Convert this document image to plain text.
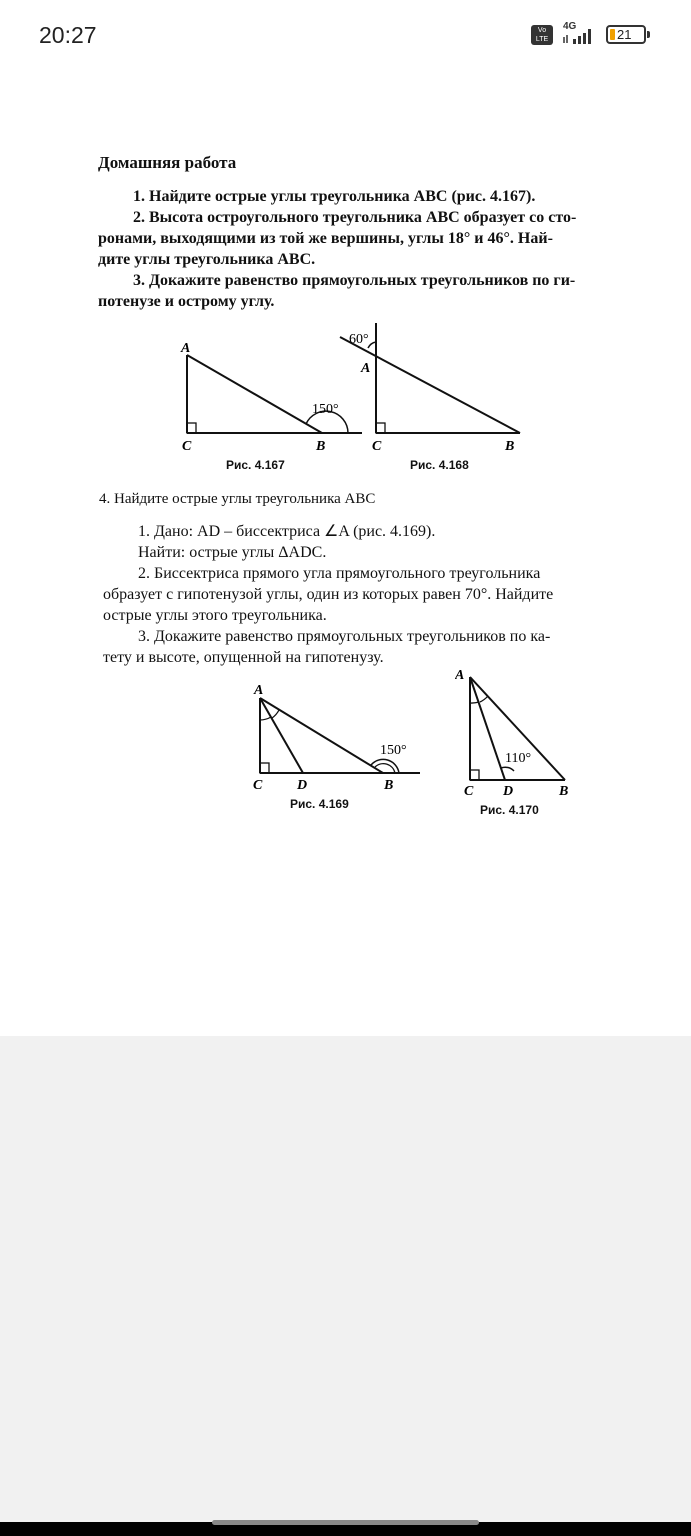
20:27	Vo LTE
4G
21
Домашняя работа
1. Найдите острые углы треугольника ABC (рис. 4.167).
2. Высота остроугольного треугольника ABC образует со сто-
ронами, выходящими из той же вершины, углы 18° и 46°. Най-
дите углы треугольника ABC.
3. Докажите равенство прямоугольных треугольников по ги-
потенузе и острому углу.
A
C	B
150°
Рис. 4.167
60°
A
C	B
Рис. 4.168
4. Найдите острые углы треугольника ABC
1. Дано: AD – биссектриса ∠A (рис. 4.169).
Найти: острые углы ΔADC.
2. Биссектриса прямого угла прямоугольного треугольника
образует с гипотенузой углы, один из которых равен 70°. Найдите
острые углы этого треугольника.
3. Докажите равенство прямоугольных треугольников по ка-
тету и высоте, опущенной на гипотенузу.
A
C D	B
150°
Рис. 4.169
A
110°
C D	B
Рис. 4.170
